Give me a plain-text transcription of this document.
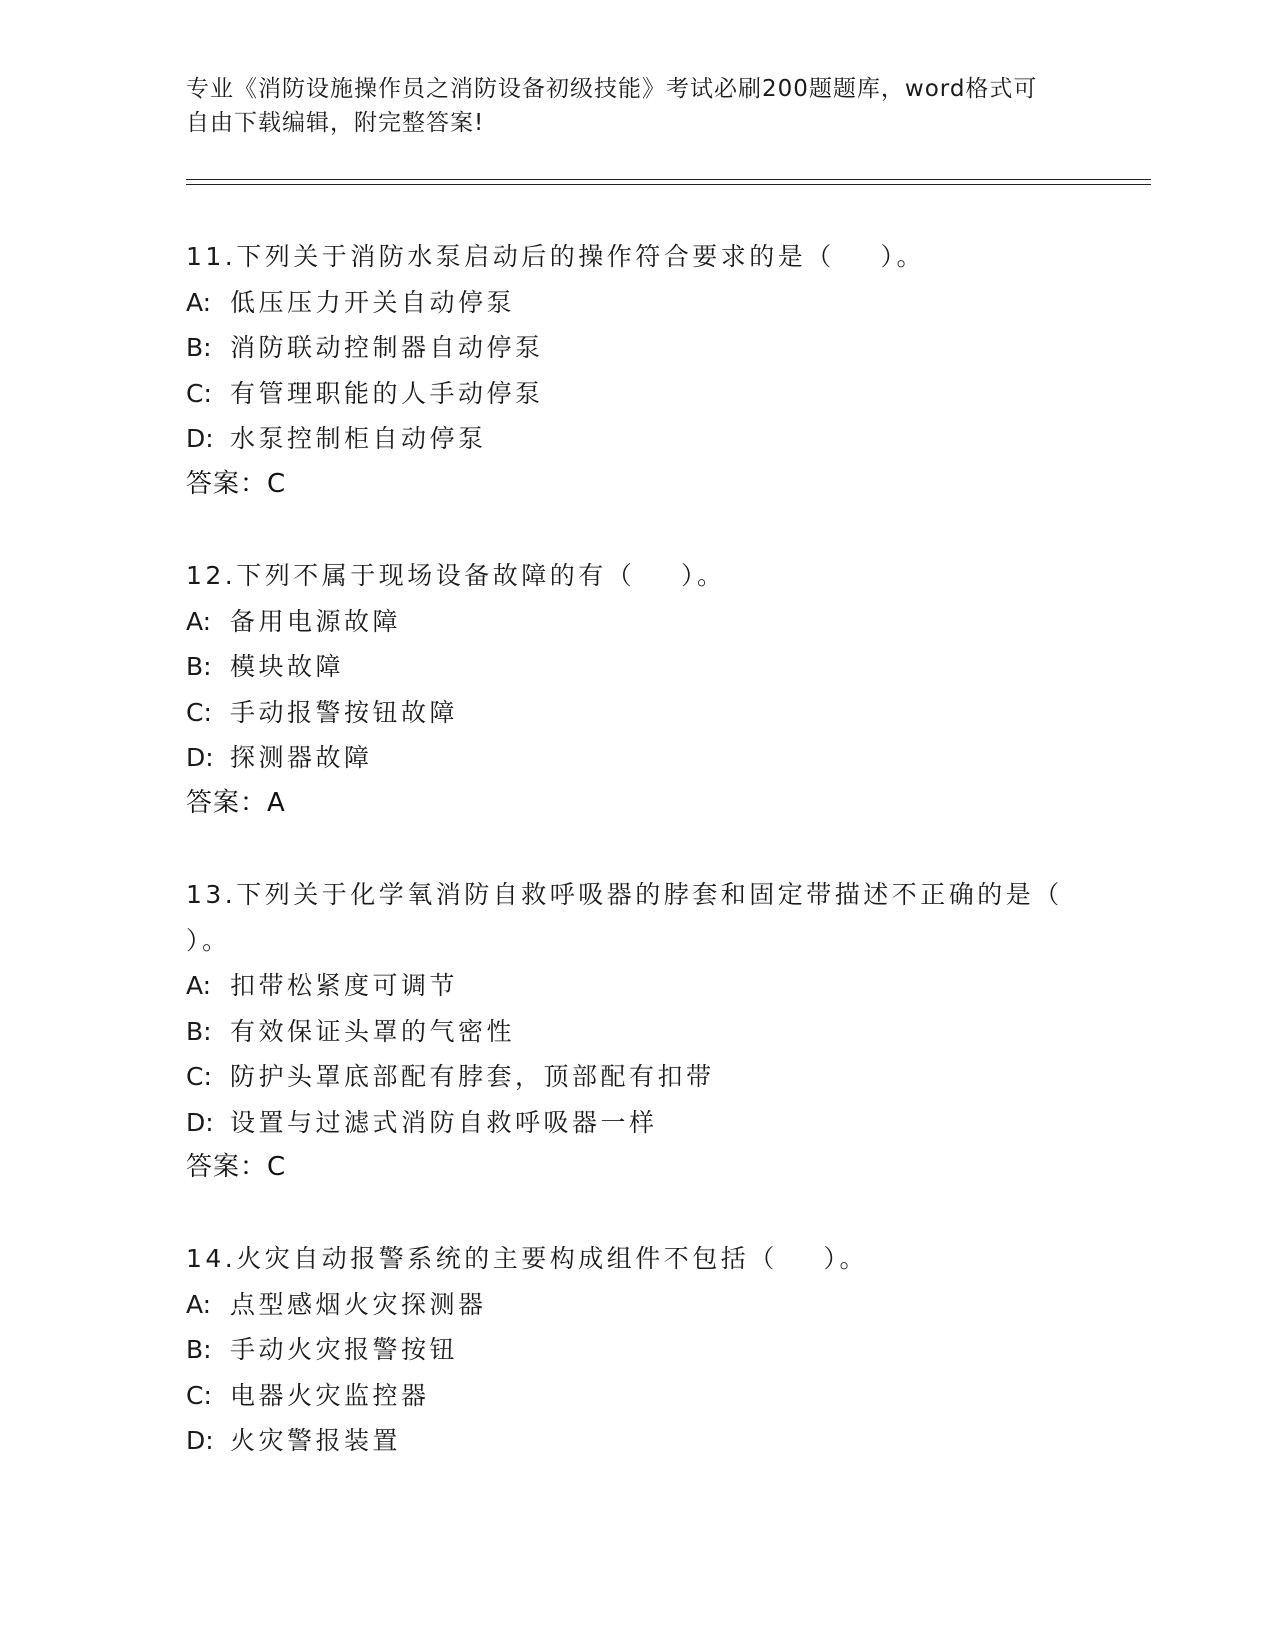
专业《消防设施操作员之消防设备初级技能》考试必刷200题题库，word格式可
自由下载编辑，附完整答案!
11.下列关于消防水泵启动后的操作符合要求的是（    ）。
A: 低压压力开关自动停泵
B: 消防联动控制器自动停泵
C: 有管理职能的人手动停泵
D: 水泵控制柜自动停泵
答案：C
12.下列不属于现场设备故障的有（    ）。
A: 备用电源故障
B: 模块故障
C: 手动报警按钮故障
D: 探测器故障
答案：A
13.下列关于化学氧消防自救呼吸器的脖套和固定带描述不正确的是（    ）。
A: 扣带松紧度可调节
B: 有效保证头罩的气密性
C: 防护头罩底部配有脖套，顶部配有扣带
D: 设置与过滤式消防自救呼吸器一样
答案：C
14.火灾自动报警系统的主要构成组件不包括（    ）。
A: 点型感烟火灾探测器
B: 手动火灾报警按钮
C: 电器火灾监控器
D: 火灾警报装置
